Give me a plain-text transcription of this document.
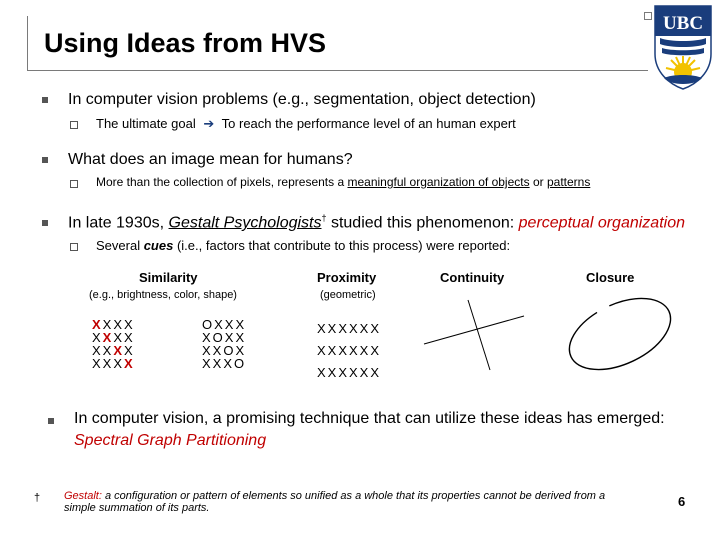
Using Ideas from HVS
UBC
In computer vision problems (e.g., segmentation, object detection)
The ultimate goal ➔ To reach the performance level of an human expert
What does an image mean for humans?
More than the collection of pixels, represents a meaningful organization of objects or patterns
In late 1930s, Gestalt Psychologists† studied this phenomenon: perceptual organization
Several cues (i.e., factors that contribute to this process) were reported:
Similarity
(e.g., brightness, color, shape)
Proximity
(geometric)
Continuity	Closure
XXXX
XXXX
XXXX
XXXX
OXXX
XOXX
XXOX
XXXO
XXXXXX
XXXXXX
XXXXXX
In computer vision, a promising technique that can utilize these ideas has emerged:
Spectral Graph Partitioning
† Gestalt: a configuration or pattern of elements so unified as a whole that its properties cannot be derived from a simple summation of its parts.	6
